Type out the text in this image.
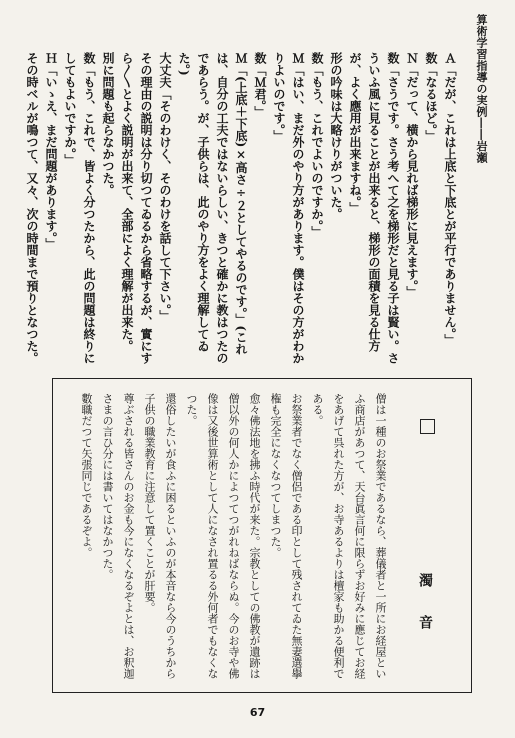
算術学習指導の実例――岩瀬

Ａ「だが、これは上底と下底とが平行でありません。」

数「なるほど。」

Ｎ「だって、横から見れば梯形に見えます。」

数「さうです。さう考へて之を梯形だと見る子は賢い。さういふ風に見ることが出来ると、梯形の面積を見る仕方が、よく應用が出来ますね。」

形の吟味は大略けりがついた。

数「もう、これでよいのですか。」

Ｍ「はい、まだ外のやり方があります。僕はその方がわかりよいのです。」

数「Ｍ君。」

Ｍ「(上底＋下底)×高さ÷２としてやるのです。」(これは、自分の工夫ではないらしい、きつと確かに教はつたのであらう。が、子供らは、此のやり方をよく理解してゐた。)

大丈夫「そのわけく、そのわけを話して下さい。」

その理由の説明は分り切つてゐるから省略するが、實にすら〳〵とよく説明が出来て、全部によく理解が出来た。

別に問題も起らなかつた。

数「もう、これで、皆よく分つたから、此の問題は終りにしてもよいですか。」

Ｈ「いゝえ、まだ問題があります。」

その時ベルが鳴つて、又々、次の時間まで預りとなつた。

濁　　音

僧は一種のお祭業であるなら、葬儀者と一所にお経屋といふ商店があつて、天台眞言何に限らずお好みに應じてお経をあげて呉れた方が、お寺あるよりは檀家も助かる便利である。

お祭業者でなく僧侶である印として残されてゐた無妻選擧権も完全になくなつてしまつた。

愈々佛法地を拂ふ時代が来た。宗教としての佛教が遺跡は僧以外の何人かによつてつがれねばならぬ。今のお寺や佛像は又後世算術として人になされ置るる外何者でもなくなつた。

還俗したいが食ふに困るといふのが本音なら今のうちから子供の職業教育に注意して置くことが肝要。

尊ぶされる皆さんのお金も今になくなるぞよとは、お釈迦さまの言ひ分には書いてはなかつた。

數職だつて矢張同じであるぞよ。

67
